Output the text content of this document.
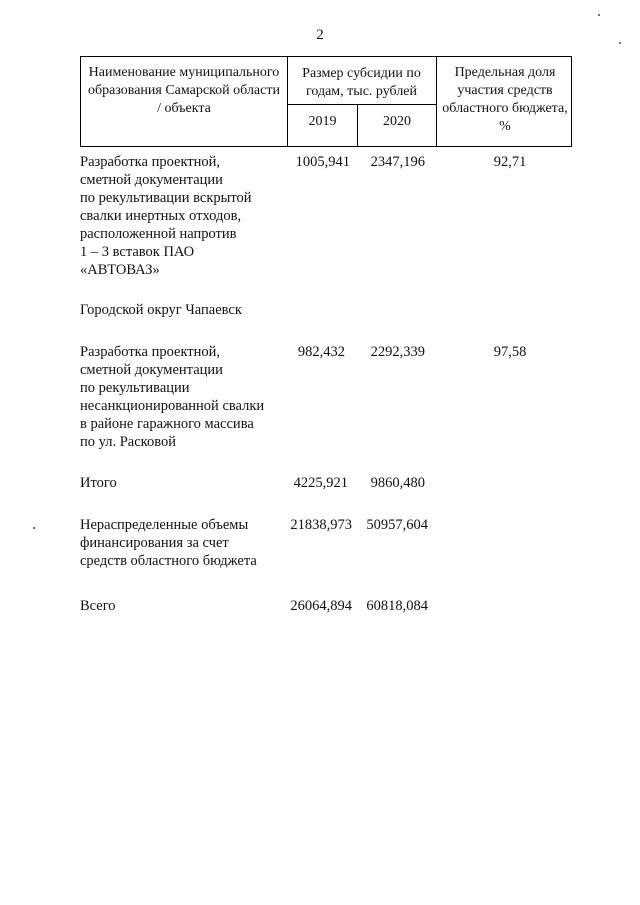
2
Наименование муниципального образования Самарской области / объекта
Размер субсидии по годам, тыс. рублей
2019	2020
Предельная доля участия средств областного бюджета, %
Разработка проектной,
сметной документации
по рекультивации вскрытой
свалки инертных отходов,
расположенной напротив
1 – 3 вставок ПАО
«АВТОВАЗ»
1005,941	2347,196	92,71
Городской округ Чапаевск
Разработка проектной,
сметной документации
по рекультивации
несанкционированной свалки
в районе гаражного массива
по ул. Расковой
982,432	2292,339	97,58
Итого	4225,921	9860,480
Нераспределенные объемы
финансирования за счет
средств областного бюджета
21838,973 50957,604
Всего	26064,894 60818,084
